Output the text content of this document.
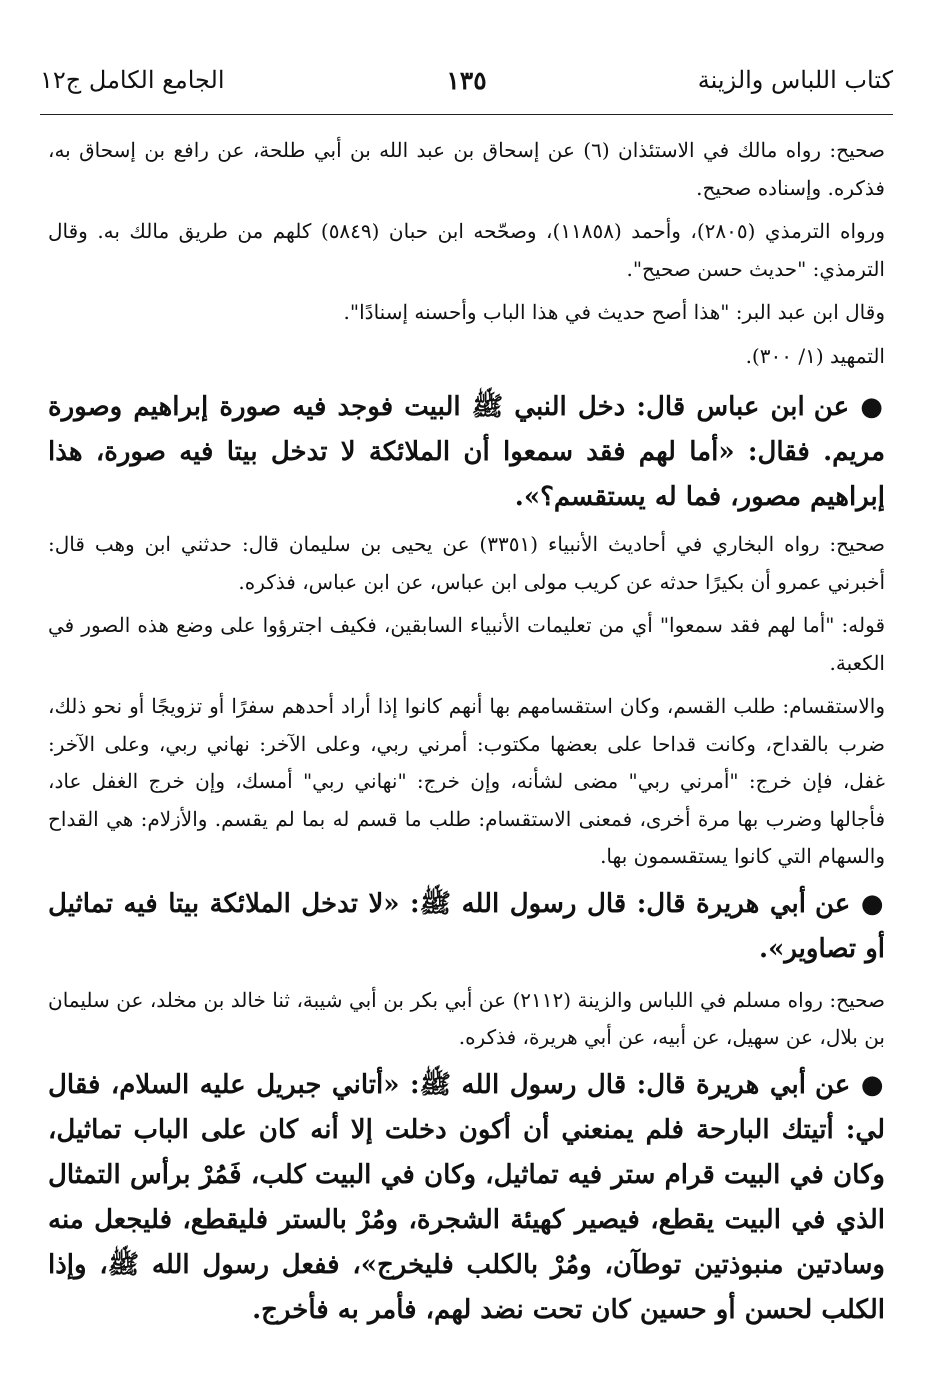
كتاب اللباس والزينة
١٣٥
الجامع الكامل ج١٢

صحيح: رواه مالك في الاستئذان (٦) عن إسحاق بن عبد الله بن أبي طلحة، عن رافع بن إسحاق به، فذكره. وإسناده صحيح.

ورواه الترمذي (٢٨٠٥)، وأحمد (١١٨٥٨)، وصحّحه ابن حبان (٥٨٤٩) كلهم من طريق مالك به. وقال الترمذي: "حديث حسن صحيح".

وقال ابن عبد البر: "هذا أصح حديث في هذا الباب وأحسنه إسنادًا".

التمهيد (١/ ٣٠٠).

● عن ابن عباس قال: دخل النبي ﷺ البيت فوجد فيه صورة إبراهيم وصورة مريم. فقال: «أما لهم فقد سمعوا أن الملائكة لا تدخل بيتا فيه صورة، هذا إبراهيم مصور، فما له يستقسم؟».

صحيح: رواه البخاري في أحاديث الأنبياء (٣٣٥١) عن يحيى بن سليمان قال: حدثني ابن وهب قال: أخبرني عمرو أن بكيرًا حدثه عن كريب مولى ابن عباس، عن ابن عباس، فذكره.

قوله: "أما لهم فقد سمعوا" أي من تعليمات الأنبياء السابقين، فكيف اجترؤوا على وضع هذه الصور في الكعبة.

والاستقسام: طلب القسم، وكان استقسامهم بها أنهم كانوا إذا أراد أحدهم سفرًا أو تزويجًا أو نحو ذلك، ضرب بالقداح، وكانت قداحا على بعضها مكتوب: أمرني ربي، وعلى الآخر: نهاني ربي، وعلى الآخر: غفل، فإن خرج: "أمرني ربي" مضى لشأنه، وإن خرج: "نهاني ربي" أمسك، وإن خرج الغفل عاد، فأجالها وضرب بها مرة أخرى، فمعنى الاستقسام: طلب ما قسم له بما لم يقسم. والأزلام: هي القداح والسهام التي كانوا يستقسمون بها.

● عن أبي هريرة قال: قال رسول الله ﷺ: «لا تدخل الملائكة بيتا فيه تماثيل أو تصاوير».

صحيح: رواه مسلم في اللباس والزينة (٢١١٢) عن أبي بكر بن أبي شيبة، ثنا خالد بن مخلد، عن سليمان بن بلال، عن سهيل، عن أبيه، عن أبي هريرة، فذكره.

● عن أبي هريرة قال: قال رسول الله ﷺ: «أتاني جبريل عليه السلام، فقال لي: أتيتك البارحة فلم يمنعني أن أكون دخلت إلا أنه كان على الباب تماثيل، وكان في البيت قرام ستر فيه تماثيل، وكان في البيت كلب، فَمُرْ برأس التمثال الذي في البيت يقطع، فيصير كهيئة الشجرة، ومُرْ بالستر فليقطع، فليجعل منه وسادتين منبوذتين توطآن، ومُرْ بالكلب فليخرج»، ففعل رسول الله ﷺ، وإذا الكلب لحسن أو حسين كان تحت نضد لهم، فأمر به فأخرج.
